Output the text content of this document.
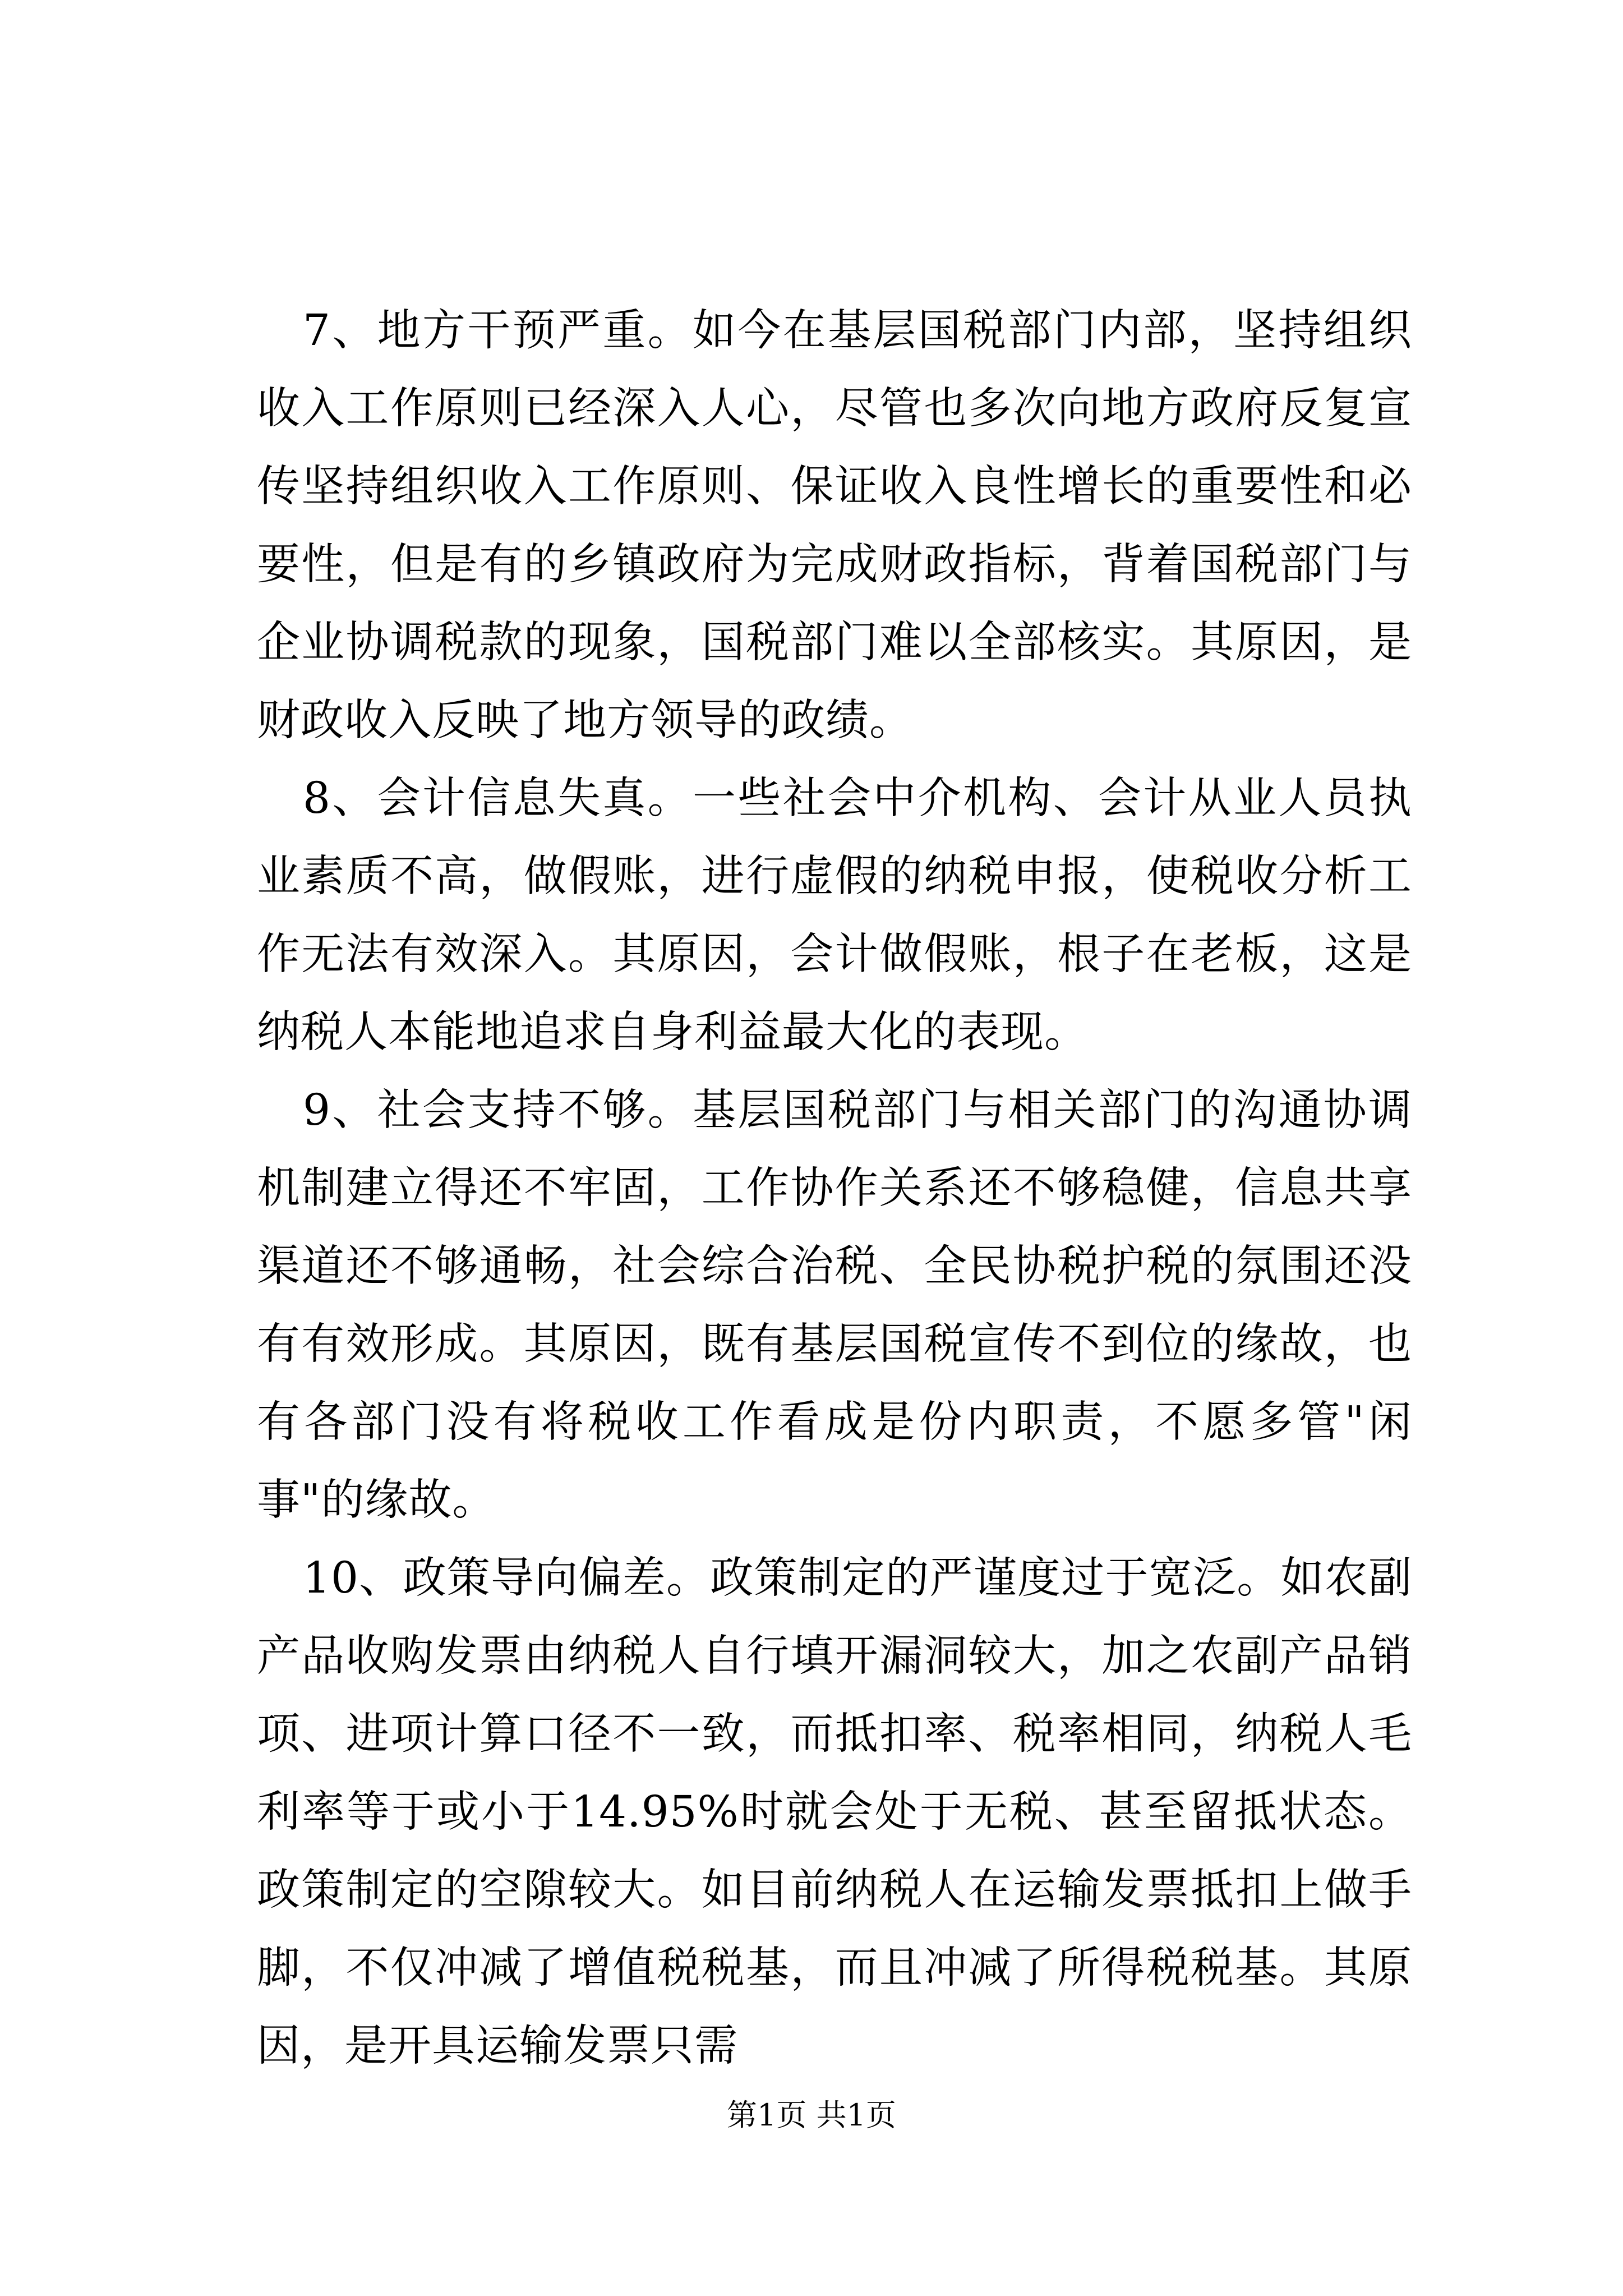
7、地方干预严重。如今在基层国税部门内部，坚持组织收入工作原则已经深入人心，尽管也多次向地方政府反复宣传坚持组织收入工作原则、保证收入良性增长的重要性和必要性，但是有的乡镇政府为完成财政指标，背着国税部门与企业协调税款的现象，国税部门难以全部核实。其原因，是财政收入反映了地方领导的政绩。

8、会计信息失真。一些社会中介机构、会计从业人员执业素质不高，做假账，进行虚假的纳税申报，使税收分析工作无法有效深入。其原因，会计做假账，根子在老板，这是纳税人本能地追求自身利益最大化的表现。

9、社会支持不够。基层国税部门与相关部门的沟通协调机制建立得还不牢固，工作协作关系还不够稳健，信息共享渠道还不够通畅，社会综合治税、全民协税护税的氛围还没有有效形成。其原因，既有基层国税宣传不到位的缘故，也有各部门没有将税收工作看成是份内职责，不愿多管"闲事"的缘故。

10、政策导向偏差。政策制定的严谨度过于宽泛。如农副产品收购发票由纳税人自行填开漏洞较大，加之农副产品销项、进项计算口径不一致，而抵扣率、税率相同，纳税人毛利率等于或小于14.95%时就会处于无税、甚至留抵状态。政策制定的空隙较大。如目前纳税人在运输发票抵扣上做手脚，不仅冲减了增值税税基，而且冲减了所得税税基。其原因，是开具运输发票只需

第1页 共1页
